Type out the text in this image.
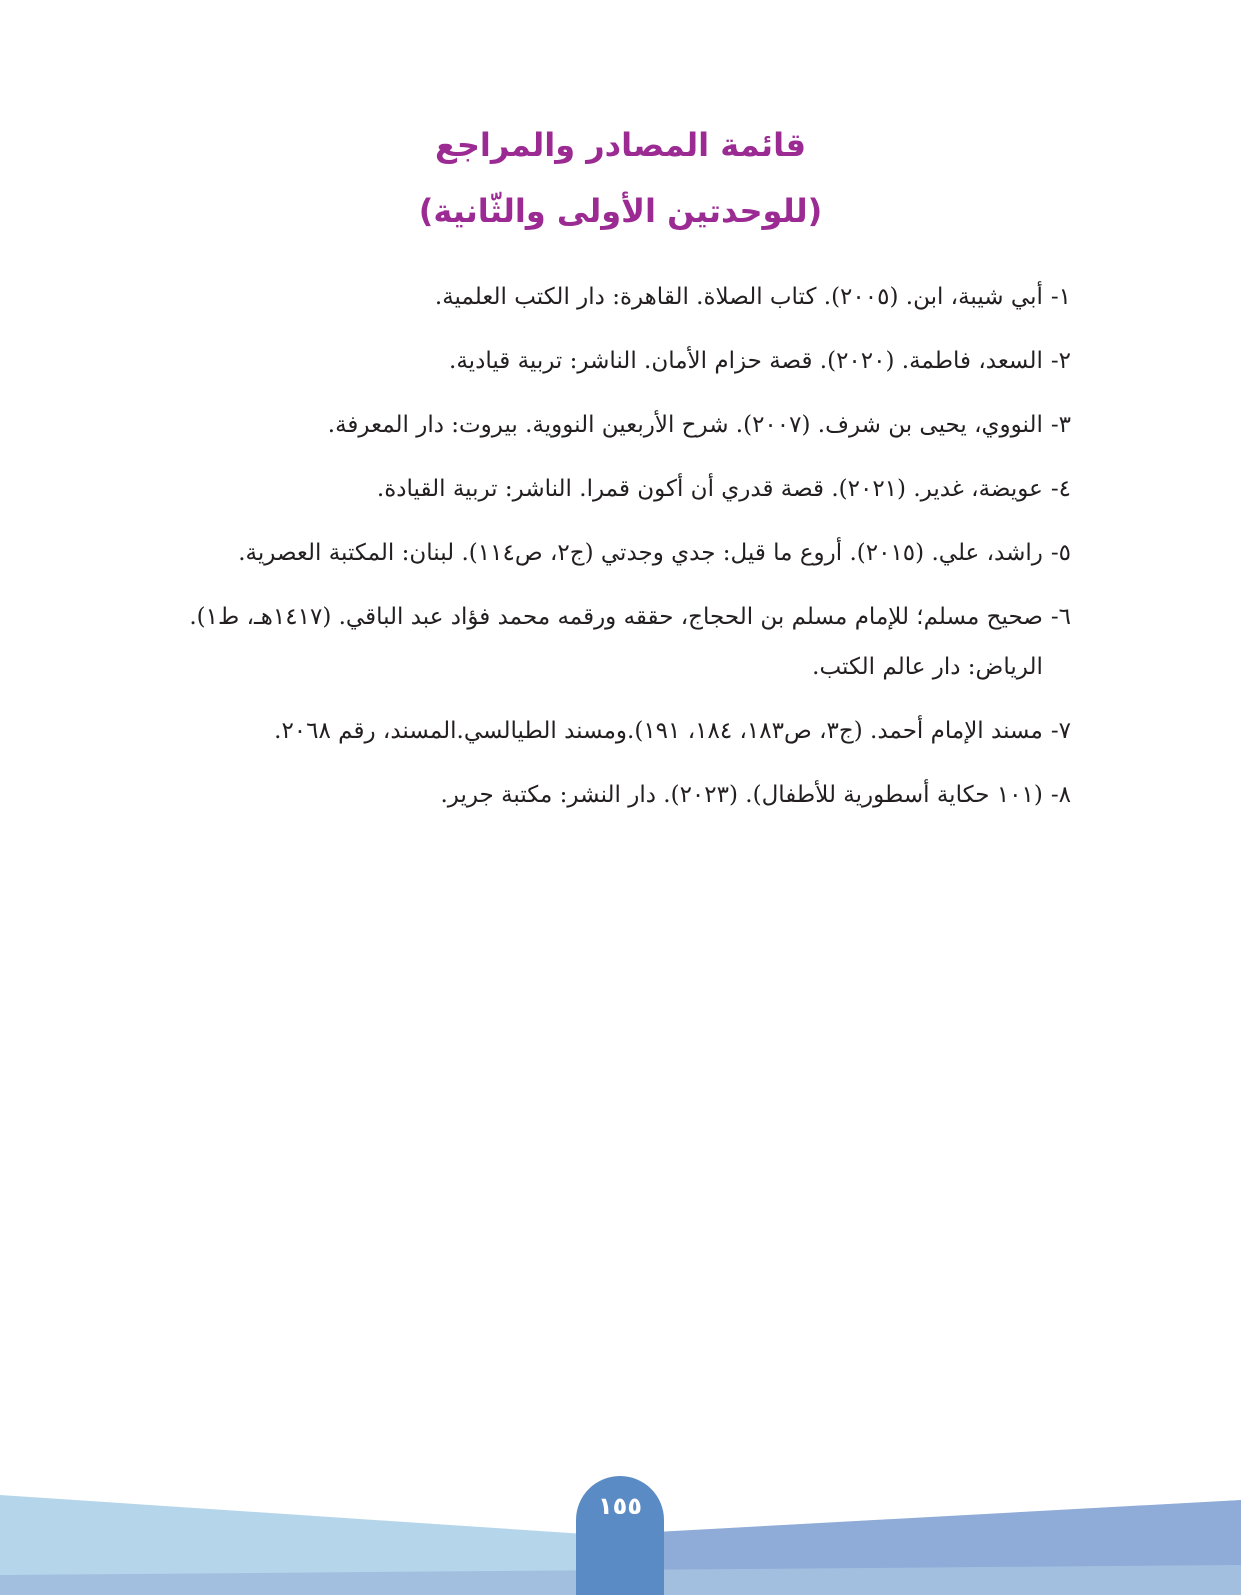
قائمة المصادر والمراجع
(للوحدتين الأولى والثّانية)
١-
أبي شيبة، ابن. (٢٠٠٥). كتاب الصلاة. القاهرة: دار الكتب العلمية.
٢-
السعد، فاطمة. (٢٠٢٠). قصة حزام الأمان. الناشر: تربية قيادية.
٣-
النووي، يحيى بن شرف. (٢٠٠٧). شرح الأربعين النووية. بيروت: دار المعرفة.
٤-
عويضة، غدير. (٢٠٢١). قصة قدري أن أكون قمرا. الناشر: تربية القيادة.
٥-
راشد، علي. (٢٠١٥). أروع ما قيل: جدي وجدتي (ج٢، ص١١٤). لبنان: المكتبة العصرية.
٦-
صحيح مسلم؛ للإمام مسلم بن الحجاج، حققه ورقمه محمد فؤاد عبد الباقي. (١٤١٧هـ، ط١). الرياض: دار عالم الكتب.
٧-
مسند الإمام أحمد. (ج٣، ص١٨٣، ١٨٤، ١٩١).ومسند الطيالسي.المسند، رقم ٢٠٦٨.
٨-
(١٠١ حكاية أسطورية للأطفال). (٢٠٢٣). دار النشر: مكتبة جرير.
١٥٥
